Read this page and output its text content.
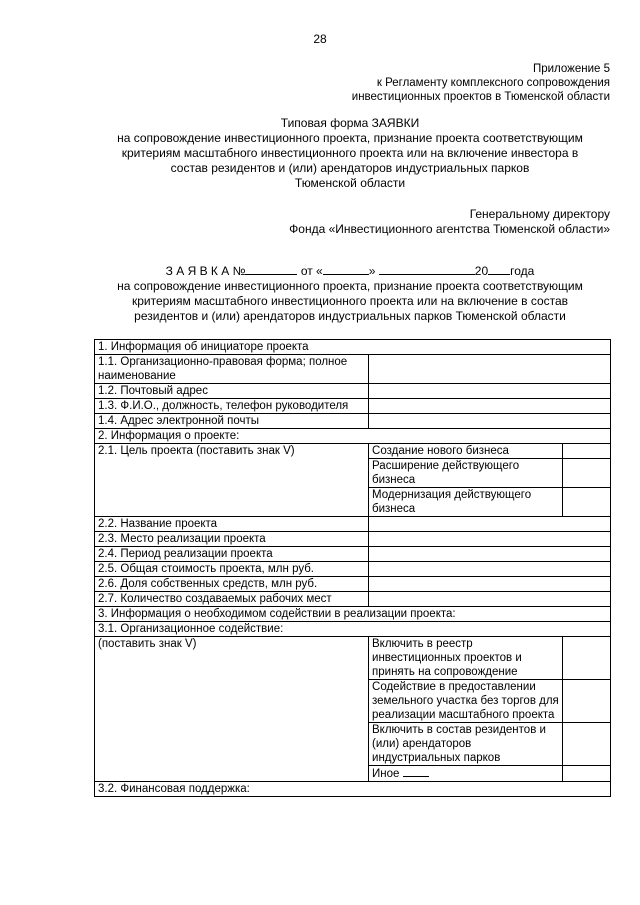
28
Приложение 5
к Регламенту комплексного сопровождения
инвестиционных проектов в Тюменской области
Типовая форма ЗАЯВКИ
на сопровождение инвестиционного проекта, признание проекта соответствующим
критериям масштабного инвестиционного проекта или на включение инвестора в
состав резидентов и (или) арендаторов индустриальных парков
Тюменской области
Генеральному директору
Фонда «Инвестиционного агентства Тюменской области»
З А Я В К А №	от «	»	20 года
на сопровождение инвестиционного проекта, признание проекта соответствующим
критериям масштабного инвестиционного проекта или на включение в состав
резидентов и (или) арендаторов индустриальных парков Тюменской области
1. Информация об инициаторе проекта		
1.1. Организационно-правовая форма; полное наименование		
1.2. Почтовый адрес		
1.3. Ф.И.О., должность, телефон руководителя		
1.4. Адрес электронной почты		
2. Информация о проекте:		
2.1. Цель проекта (поставить знак V)	Создание нового бизнеса	
	Расширение действующего бизнеса	
	Модернизация действующего бизнеса	
2.2. Название проекта		
2.3. Место реализации проекта		
2.4. Период реализации проекта		
2.5. Общая стоимость проекта, млн руб.		
2.6. Доля собственных средств, млн руб.		
2.7. Количество создаваемых рабочих мест		
3. Информация о необходимом содействии в реализации проекта:		
3.1. Организационное содействие:		
(поставить знак V)	Включить в реестр инвестиционных проектов и принять на сопровождение	
	Содействие в предоставлении земельного участка без торгов для реализации масштабного проекта	
	Включить в состав резидентов и (или) арендаторов индустриальных парков	
	Иное	
3.2. Финансовая поддержка:		
